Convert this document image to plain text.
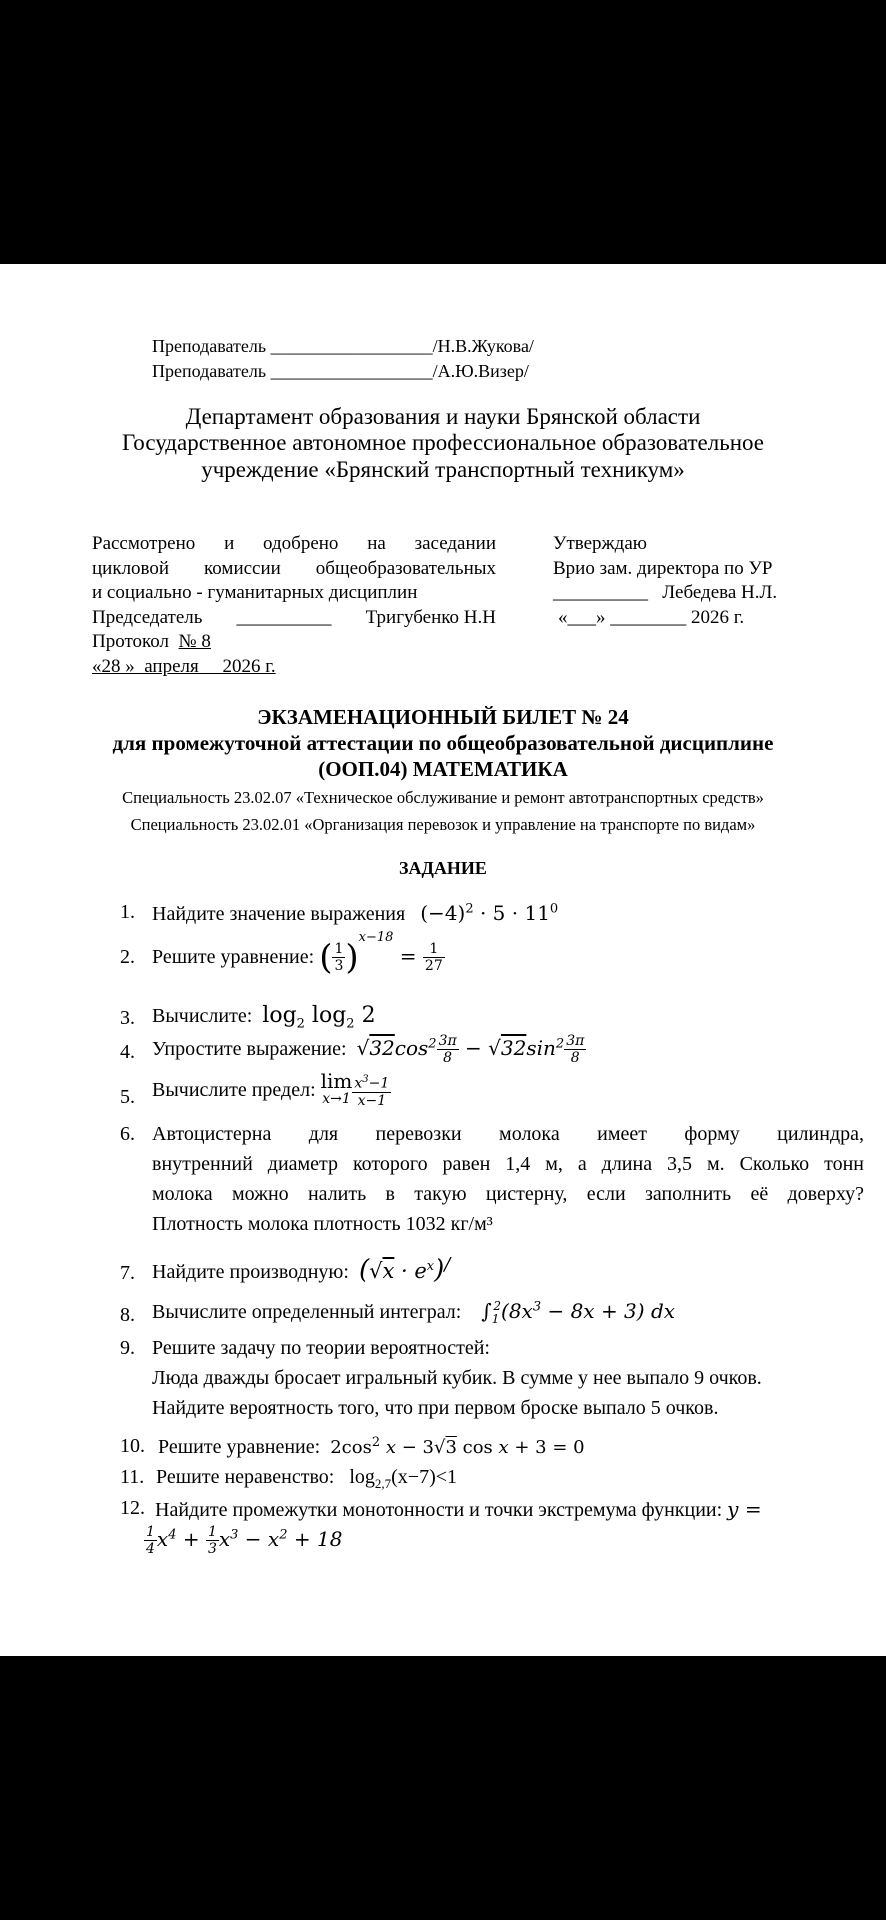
Преподаватель __________________/Н.В.Жукова/
Преподаватель __________________/А.Ю.Визер/
Департамент образования и науки Брянской области
Государственное автономное профессиональное образовательное
учреждение «Брянский транспортный техникум»
Рассмотрено и одобрено на заседании
цикловой комиссии общеобразовательных
и социально - гуманитарных дисциплин
Председатель __________ Тригубенко Н.Н
Протокол № 8
«28 »  апреля     2026 г.
Утверждаю
Врио зам. директора по УР
__________ Лебедева Н.Л.
«___» ________ 2026 г.
ЭКЗАМЕНАЦИОННЫЙ БИЛЕТ № 24
для промежуточной аттестации по общеобразовательной дисциплине
(ООП.04) МАТЕМАТИКА
Специальность 23.02.07 «Техническое обслуживание и ремонт автотранспортных средств»
Специальность 23.02.01 «Организация перевозок и управление на транспорте по видам»
ЗАДАНИЕ
1. Найдите значение выражения $(-4)^2 \cdot 5 \cdot 11^0$
2. Решите уравнение: ( $\frac{1}{3} )^{x-18} = \frac{1}{27}$
3. Вычислите: $\log_2 \log_2 2$
4. Упростите выражение: $√32\cos^2 \frac{3\pi}{8} - √32\sin^2 \frac{3\pi}{8}$
5. Вычислите предел: lim
$x\to 1 \frac{x^3-1}{x-1}$
6. Автоцистерна для перевозки молока имеет форму цилиндра,
внутренний диаметр которого равен 1,4 м, а длина 3,5 м. Сколько тонн
молока можно налить в такую цистерну, если заполнить её доверху?
Плотность молока плотность 1032 кг/м³
7. Найдите производную: $(√x \cdot e^x)^/$
8. Вычислите определенный интеграл: $\int_1^2(8x^3 - 8x + 3)$ dx
9. Решите задачу по теории вероятностей:
Люда дважды бросает игральный кубик. В сумме у нее выпало 9 очков.
Найдите вероятность того, что при первом броске выпало 5 очков.
10. Решите уравнение: $2\cos^2$ x − 3√3 cos x + 3 = 0
11. Решите неравенство: $\log_{2,7}(x-7)<1$
12. Найдите промежутки монотонности и точки экстремума функции: y =
$\frac{1}{4} x^4 + \frac{1}{3} x^3 - x^2 + 18$
